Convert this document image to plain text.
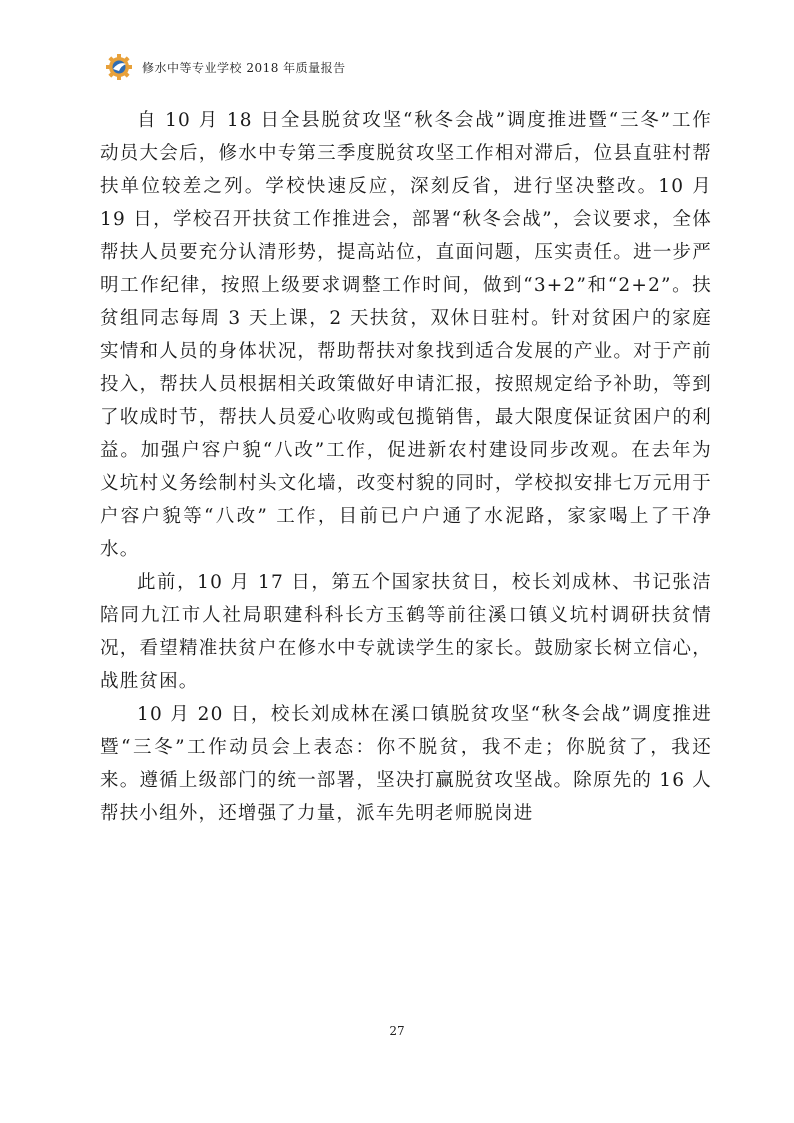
修水中等专业学校 2018 年质量报告

自 10 月 18 日全县脱贫攻坚“秋冬会战”调度推进暨“三冬”工作动员大会后，修水中专第三季度脱贫攻坚工作相对滞后，位县直驻村帮扶单位较差之列。学校快速反应，深刻反省，进行坚决整改。10 月 19 日，学校召开扶贫工作推进会，部署“秋冬会战”，会议要求，全体帮扶人员要充分认清形势，提高站位，直面问题，压实责任。进一步严明工作纪律，按照上级要求调整工作时间，做到“3+2”和“2+2”。扶贫组同志每周 3 天上课，2 天扶贫，双休日驻村。针对贫困户的家庭实情和人员的身体状况，帮助帮扶对象找到适合发展的产业。对于产前投入，帮扶人员根据相关政策做好申请汇报，按照规定给予补助，等到了收成时节，帮扶人员爱心收购或包揽销售，最大限度保证贫困户的利益。加强户容户貌“八改”工作，促进新农村建设同步改观。在去年为义坑村义务绘制村头文化墙，改变村貌的同时，学校拟安排七万元用于户容户貌等“八改” 工作，目前已户户通了水泥路，家家喝上了干净水。

此前，10 月 17 日，第五个国家扶贫日，校长刘成林、书记张洁陪同九江市人社局职建科科长方玉鹤等前往溪口镇义坑村调研扶贫情况，看望精准扶贫户在修水中专就读学生的家长。鼓励家长树立信心，战胜贫困。

10 月 20 日，校长刘成林在溪口镇脱贫攻坚“秋冬会战”调度推进暨“三冬”工作动员会上表态：你不脱贫，我不走；你脱贫了，我还来。遵循上级部门的统一部署，坚决打赢脱贫攻坚战。除原先的 16 人帮扶小组外，还增强了力量，派车先明老师脱岗进

27
